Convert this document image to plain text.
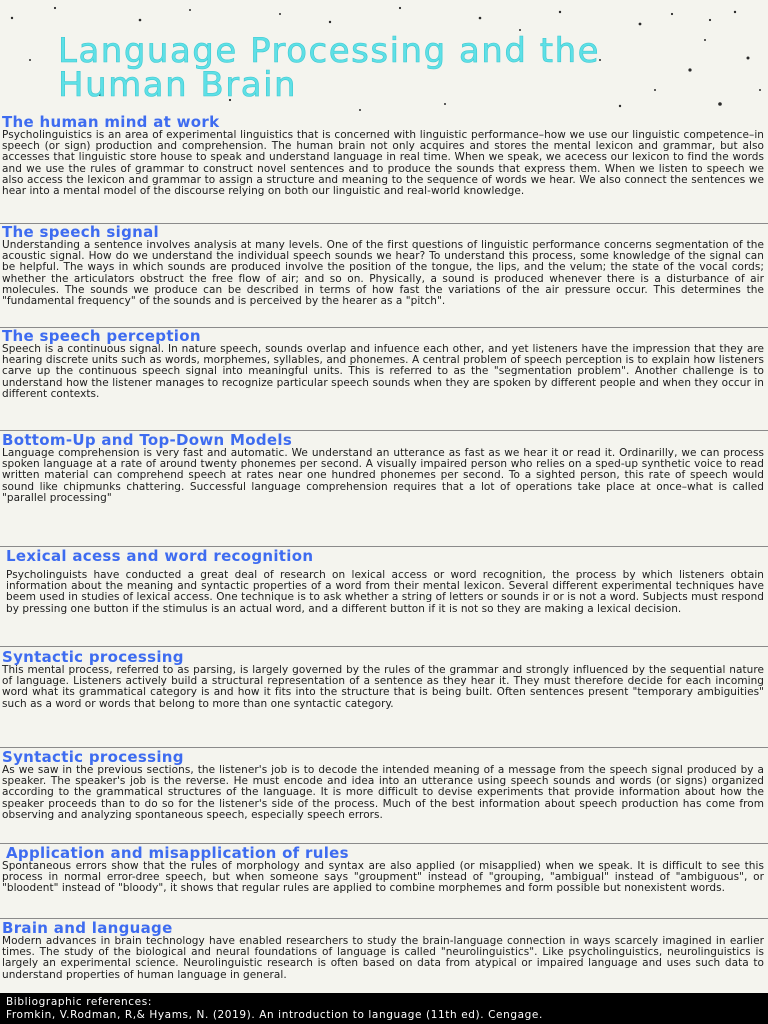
Language Processing and the Human Brain
The human mind at work

Psycholinguistics is an area of experimental linguistics that is concerned with linguistic performance–how we use our linguistic competence–in speech (or sign) production and comprehension. The human brain not only acquires and stores the mental lexicon and grammar, but also accesses that linguistic store house to speak and understand language in real time. When we speak, we acecess our lexicon to find the words and we use the rules of grammar to construct novel sentences and to produce the sounds that express them. When we listen to speech we also access the lexicon and grammar to assign a structure and meaning to the sequence of words we hear. We also connect the sentences we hear into a mental model of the discourse relying on both our linguistic and real-world knowledge.

The speech signal

Understanding a sentence involves analysis at many levels. One of the first questions of linguistic performance concerns segmentation of the acoustic signal. How do we understand the individual speech sounds we hear? To understand this process, some knowledge of the signal can be helpful. The ways in which sounds are produced involve the position of the tongue, the lips, and the velum; the state of the vocal cords; whether the articulators obstruct the free flow of air; and so on. Physically, a sound is produced whenever there is a disturbance of air molecules. The sounds we produce can be described in terms of how fast the variations of the air pressure occur. This determines the "fundamental frequency" of the sounds and is perceived by the hearer as a "pitch".

The speech perception

Speech is a continuous signal. In nature speech, sounds overlap and infuence each other, and yet listeners have the impression that they are hearing discrete units such as words, morphemes, syllables, and phonemes. A central problem of speech perception is to explain how listeners carve up the continuous speech signal into meaningful units. This is referred to as the "segmentation problem". Another challenge is to understand how the listener manages to recognize particular speech sounds when they are spoken by different people and when they occur in different contexts.

Bottom-Up and Top-Down Models

Language comprehension is very fast and automatic. We understand an utterance as fast as we hear it or read it. Ordinarilly, we can process spoken language at a rate of around twenty phonemes per second. A visually impaired person who relies on a sped-up synthetic voice to read written material can comprehend speech at rates near one hundred phonemes per second. To a sighted person, this rate of speech would sound like chipmunks chattering. Successful language comprehension requires that a lot of operations take place at once–what is called "parallel processing"

Lexical acess and word recognition

Psycholinguists have conducted a great deal of research on lexical access or word recognition, the process by which listeners obtain information about the meaning and syntactic properties of a word from their mental lexicon. Several different experimental techniques have beem used in studies of lexical access. One technique is to ask whether a string of letters or sounds ir or is not a word. Subjects must respond by pressing one button if the stimulus is an actual word, and a different button if it is not so they are making a lexical decision.

Syntactic processing

This mental process, referred to as parsing, is largely governed by the rules of the grammar and strongly influenced by the sequential nature of language. Listeners actively build a structural representation of a sentence as they hear it. They must therefore decide for each incoming word what its grammatical category is and how it fits into the structure that is being built. Often sentences present "temporary ambiguities" such as a word or words that belong to more than one syntactic category.

Syntactic processing

As we saw in the previous sections, the listener's job is to decode the intended meaning of a message from the speech signal produced by a speaker. The speaker's job is the reverse. He must encode and idea into an utterance using speech sounds and words (or signs) organized according to the grammatical structures of the language. It is more difficult to devise experiments that provide information about how the speaker proceeds than to do so for the listener's side of the process. Much of the best information about speech production has come from observing and analyzing spontaneous speech, especially speech errors.

Application and misapplication of rules

Spontaneous errors show that the rules of morphology and syntax are also applied (or misapplied) when we speak. It is difficult to see this process in normal error-dree speech, but when someone says "groupment" instead of "grouping, "ambigual" instead of "ambiguous", or "bloodent" instead of "bloody", it shows that regular rules are applied to combine morphemes and form possible but nonexistent words.

Brain and language

Modern advances in brain technology have enabled researchers to study the brain-language connection in ways scarcely imagined in earlier times. The study of the biological and neural foundations of language is called "neurolinguistics". Like psycholinguistics, neurolinguistics is largely an experimental science. Neurolinguistic research is often based on data from atypical or impaired language and uses such data to understand properties of human language in general.

Bibliographic references:
Fromkin, V.Rodman, R,& Hyams, N. (2019). An introduction to language (11th ed). Cengage.
